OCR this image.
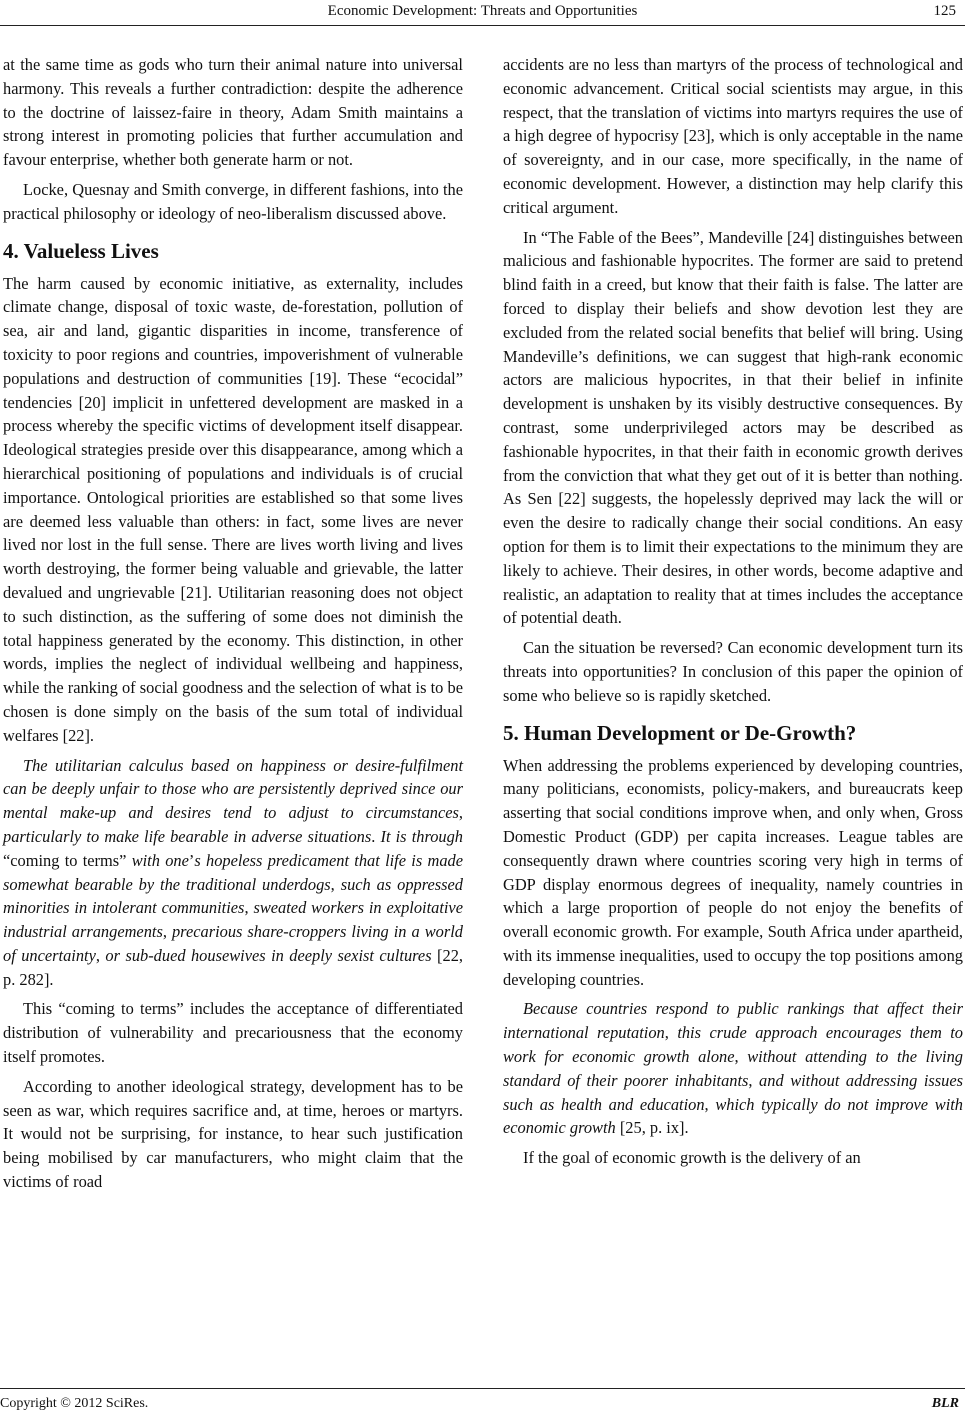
Economic Development: Threats and Opportunities	125

at the same time as gods who turn their animal nature into universal harmony. This reveals a further contradiction: despite the adherence to the doctrine of laissez-faire in theory, Adam Smith maintains a strong interest in promoting policies that further accumulation and favour enterprise, whether both generate harm or not.

Locke, Quesnay and Smith converge, in different fashions, into the practical philosophy or ideology of neo-liberalism discussed above.

4. Valueless Lives

The harm caused by economic initiative, as externality, includes climate change, disposal of toxic waste, de-forestation, pollution of sea, air and land, gigantic disparities in income, transference of toxicity to poor regions and countries, impoverishment of vulnerable populations and destruction of communities [19]. These “ecocidal” tendencies [20] implicit in unfettered development are masked in a process whereby the specific victims of development itself disappear. Ideological strategies preside over this disappearance, among which a hierarchical positioning of populations and individuals is of crucial importance. Ontological priorities are established so that some lives are deemed less valuable than others: in fact, some lives are never lived nor lost in the full sense. There are lives worth living and lives worth destroying, the former being valuable and grievable, the latter devalued and ungrievable [21]. Utilitarian reasoning does not object to such distinction, as the suffering of some does not diminish the total happiness generated by the economy. This distinction, in other words, implies the neglect of individual wellbeing and happiness, while the ranking of social goodness and the selection of what is to be chosen is done simply on the basis of the sum total of individual welfares [22].

The utilitarian calculus based on happiness or desire-fulfilment can be deeply unfair to those who are persistently deprived since our mental make-up and desires tend to adjust to circumstances, particularly to make life bearable in adverse situations. It is through “coming to terms” with one’s hopeless predicament that life is made somewhat bearable by the traditional underdogs, such as oppressed minorities in intolerant communities, sweated workers in exploitative industrial arrangements, precarious share-croppers living in a world of uncertainty, or sub-dued housewives in deeply sexist cultures [22, p. 282].

This “coming to terms” includes the acceptance of differentiated distribution of vulnerability and precariousness that the economy itself promotes.

According to another ideological strategy, development has to be seen as war, which requires sacrifice and, at time, heroes or martyrs. It would not be surprising, for instance, to hear such justification being mobilised by car manufacturers, who might claim that the victims of road

accidents are no less than martyrs of the process of technological and economic advancement. Critical social scientists may argue, in this respect, that the translation of victims into martyrs requires the use of a high degree of hypocrisy [23], which is only acceptable in the name of sovereignty, and in our case, more specifically, in the name of economic development. However, a distinction may help clarify this critical argument.

In “The Fable of the Bees”, Mandeville [24] distinguishes between malicious and fashionable hypocrites. The former are said to pretend blind faith in a creed, but know that their faith is false. The latter are forced to display their beliefs and show devotion lest they are excluded from the related social benefits that belief will bring. Using Mandeville’s definitions, we can suggest that high-rank economic actors are malicious hypocrites, in that their belief in infinite development is unshaken by its visibly destructive consequences. By contrast, some underprivileged actors may be described as fashionable hypocrites, in that their faith in economic growth derives from the conviction that what they get out of it is better than nothing. As Sen [22] suggests, the hopelessly deprived may lack the will or even the desire to radically change their social conditions. An easy option for them is to limit their expectations to the minimum they are likely to achieve. Their desires, in other words, become adaptive and realistic, an adaptation to reality that at times includes the acceptance of potential death.

Can the situation be reversed? Can economic development turn its threats into opportunities? In conclusion of this paper the opinion of some who believe so is rapidly sketched.

5. Human Development or De-Growth?

When addressing the problems experienced by developing countries, many politicians, economists, policy-makers, and bureaucrats keep asserting that social conditions improve when, and only when, Gross Domestic Product (GDP) per capita increases. League tables are consequently drawn where countries scoring very high in terms of GDP display enormous degrees of inequality, namely countries in which a large proportion of people do not enjoy the benefits of overall economic growth. For example, South Africa under apartheid, with its immense inequalities, used to occupy the top positions among developing countries.

Because countries respond to public rankings that affect their international reputation, this crude approach encourages them to work for economic growth alone, without attending to the living standard of their poorer inhabitants, and without addressing issues such as health and education, which typically do not improve with economic growth [25, p. ix].

If the goal of economic growth is the delivery of an

Copyright © 2012 SciRes.	BLR
